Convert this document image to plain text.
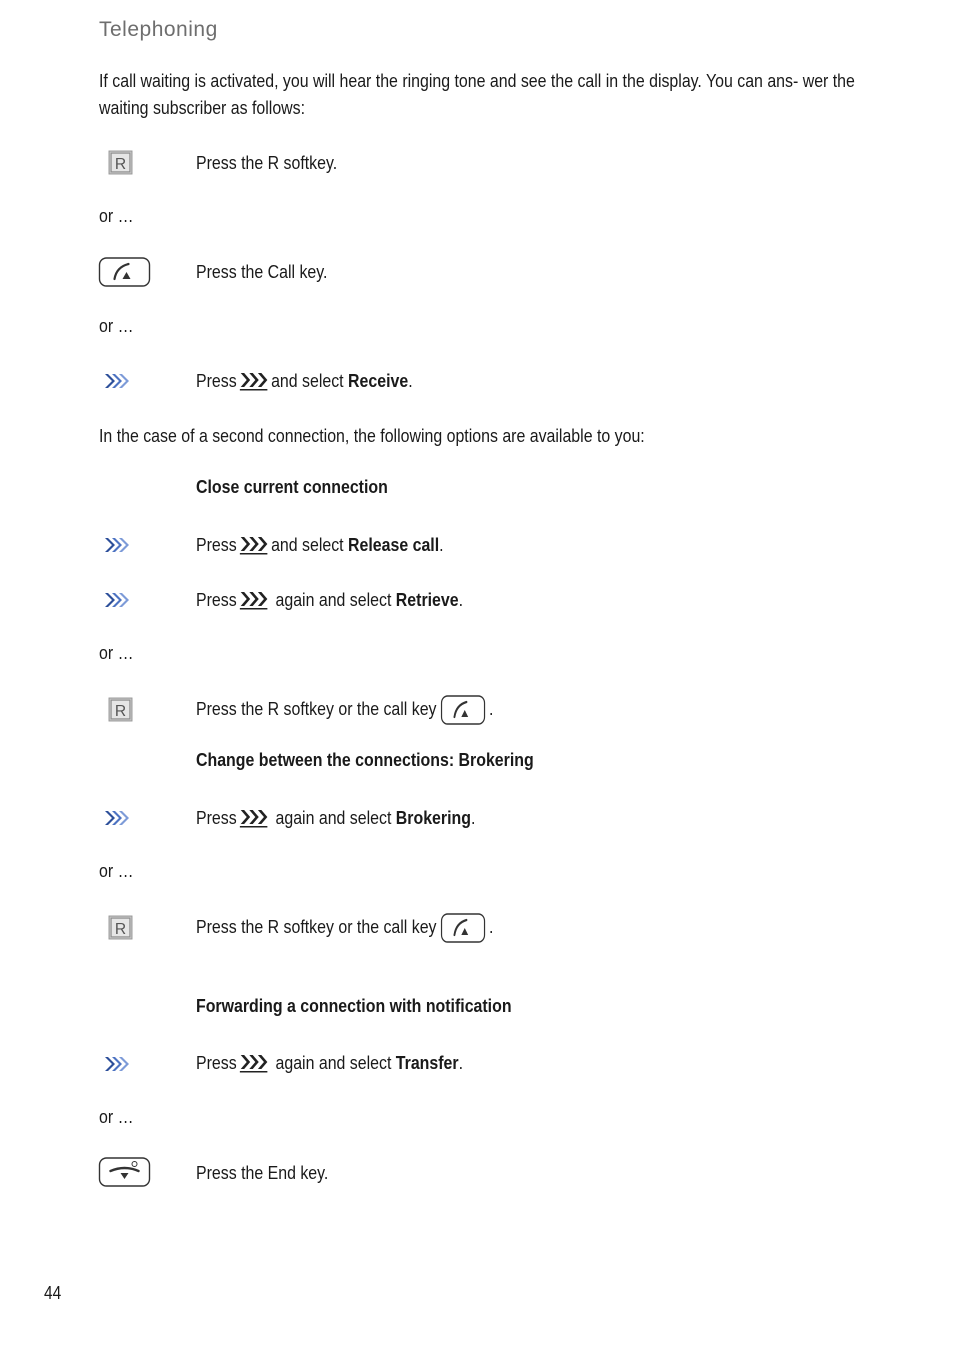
Telephoning
If call waiting is activated, you will hear the ringing tone and see the call in the display. You can ans- wer the waiting subscriber as follows:
Press the R softkey.
or …
Press the Call key.
or …
Press and select Receive.
In the case of a second connection, the following options are available to you:
Close current connection
Press and select Release call.
Press again and select Retrieve.
or …
Press the R softkey or the call key	.
Change between the connections: Brokering
Press again and select Brokering.
or …
Press the R softkey or the call key	.
Forwarding a connection with notification
Press again and select Transfer.
or …
Press the End key.
44
